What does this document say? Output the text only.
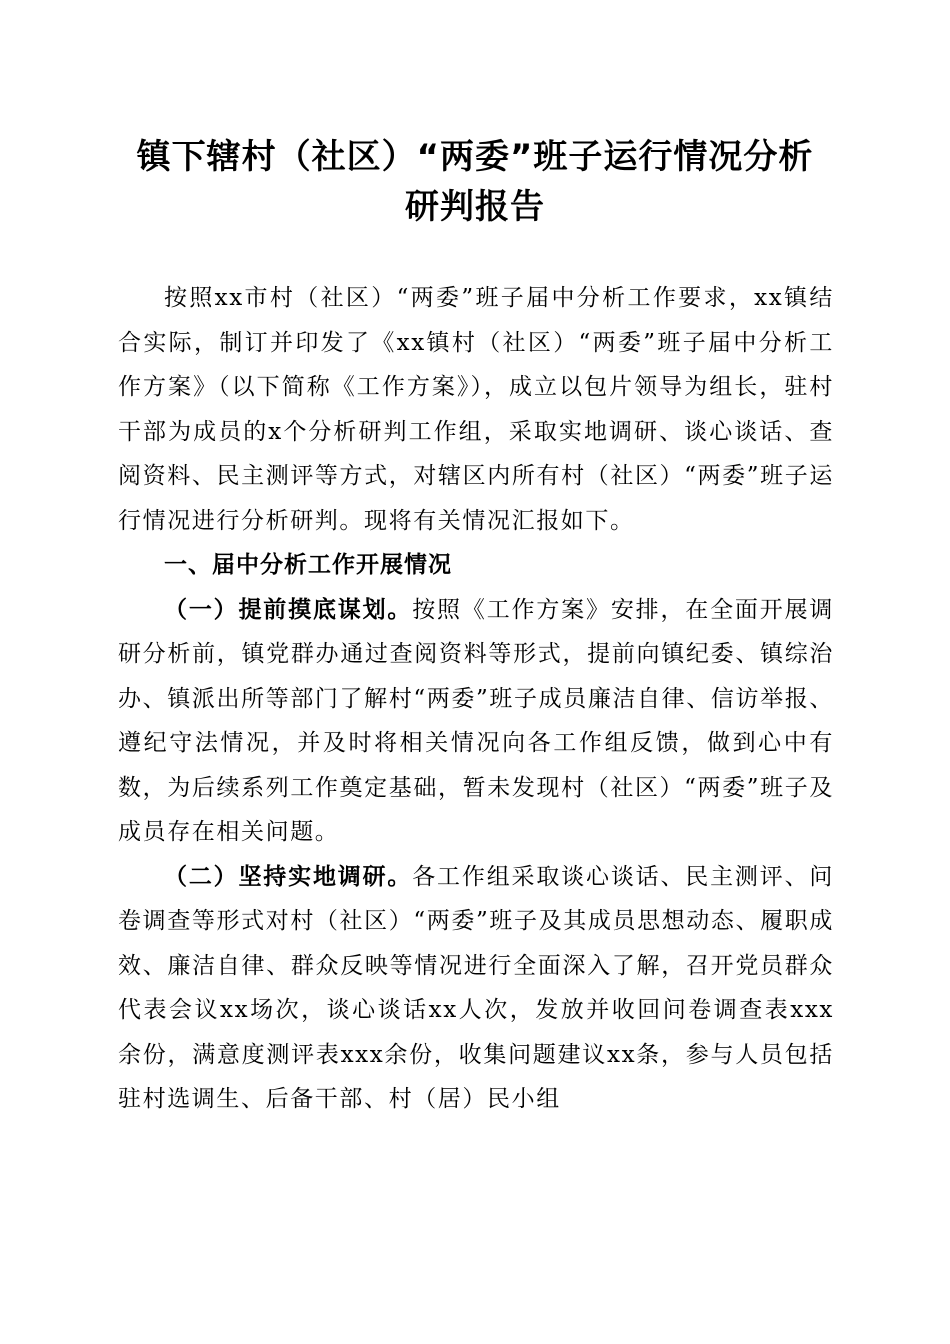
镇下辖村（社区）“两委”班子运行情况分析
研判报告

按照xx市村（社区）“两委”班子届中分析工作要求，xx镇结合实际，制订并印发了《xx镇村（社区）“两委”班子届中分析工作方案》（以下简称《工作方案》），成立以包片领导为组长，驻村干部为成员的x个分析研判工作组，采取实地调研、谈心谈话、查阅资料、民主测评等方式，对辖区内所有村（社区）“两委”班子运行情况进行分析研判。现将有关情况汇报如下。

一、届中分析工作开展情况

（一）提前摸底谋划。按照《工作方案》安排，在全面开展调研分析前，镇党群办通过查阅资料等形式，提前向镇纪委、镇综治办、镇派出所等部门了解村“两委”班子成员廉洁自律、信访举报、遵纪守法情况，并及时将相关情况向各工作组反馈，做到心中有数，为后续系列工作奠定基础，暂未发现村（社区）“两委”班子及成员存在相关问题。

（二）坚持实地调研。各工作组采取谈心谈话、民主测评、问卷调查等形式对村（社区）“两委”班子及其成员思想动态、履职成效、廉洁自律、群众反映等情况进行全面深入了解，召开党员群众代表会议xx场次，谈心谈话xx人次，发放并收回问卷调查表xxx余份，满意度测评表xxx余份，收集问题建议xx条，参与人员包括驻村选调生、后备干部、村（居）民小组
